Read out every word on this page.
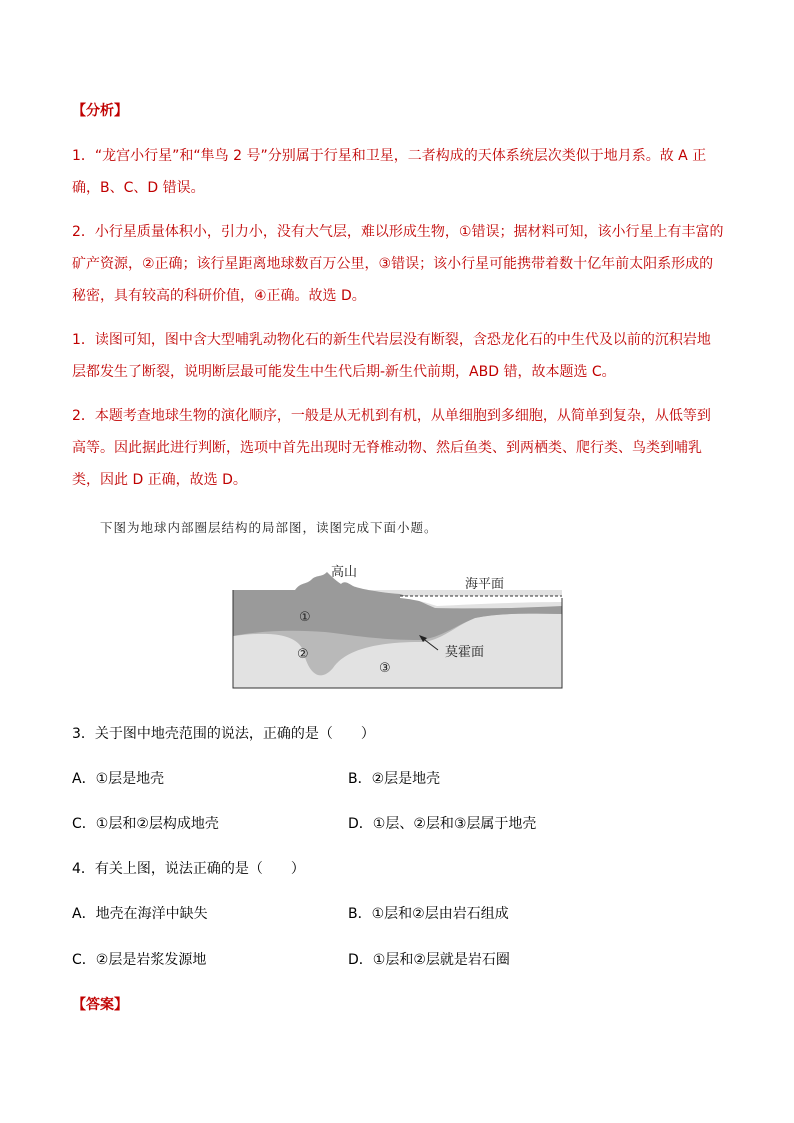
【分析】
1．“龙宫小行星”和“隼鸟 2 号”分别属于行星和卫星，二者构成的天体系统层次类似于地月系。故 A 正确，B、C、D 错误。
2．小行星质量体积小，引力小，没有大气层，难以形成生物，①错误；据材料可知，该小行星上有丰富的矿产资源，②正确；该行星距离地球数百万公里，③错误；该小行星可能携带着数十亿年前太阳系形成的秘密，具有较高的科研价值，④正确。故选 D。
1．读图可知，图中含大型哺乳动物化石的新生代岩层没有断裂，含恐龙化石的中生代及以前的沉积岩地层都发生了断裂，说明断层最可能发生中生代后期-新生代前期，ABD 错，故本题选 C。
2．本题考查地球生物的演化顺序，一般是从无机到有机，从单细胞到多细胞，从简单到复杂，从低等到高等。因此据此进行判断，选项中首先出现时无脊椎动物、然后鱼类、到两栖类、爬行类、鸟类到哺乳类，因此 D 正确，故选 D。
下图为地球内部圈层结构的局部图，读图完成下面小题。
高山
海平面
莫霍面
①
②
③
3．关于图中地壳范围的说法，正确的是（　　）
A．①层是地壳	B．②层是地壳
C．①层和②层构成地壳	D．①层、②层和③层属于地壳
4．有关上图，说法正确的是（　　）
A．地壳在海洋中缺失	B．①层和②层由岩石组成
C．②层是岩浆发源地	D．①层和②层就是岩石圈
【答案】
